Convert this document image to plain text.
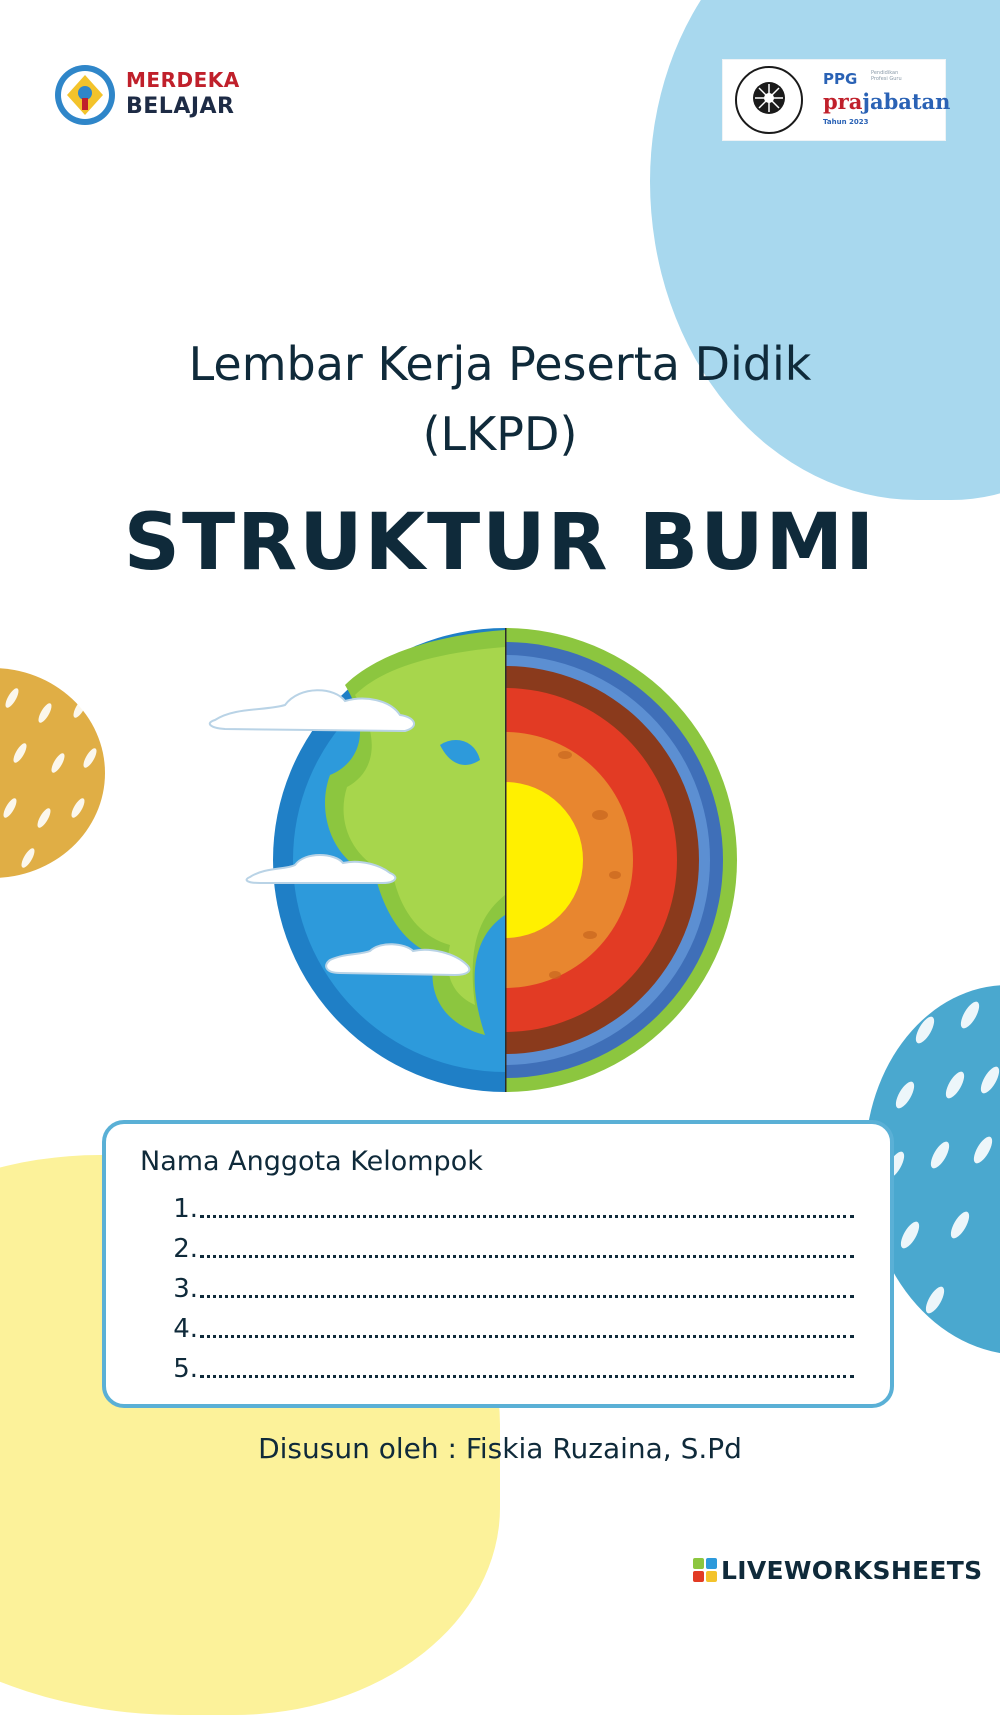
MERDEKA
BELAJAR
PPG	Pendidikan Profesi Guru
prajabatan
Tahun 2023
Lembar Kerja Peserta Didik
(LKPD)
STRUKTUR BUMI
Nama Anggota Kelompok
1.
2.
3.
4.
5.
Disusun oleh : Fiskia Ruzaina, S.Pd
LIVEWORKSHEETS
